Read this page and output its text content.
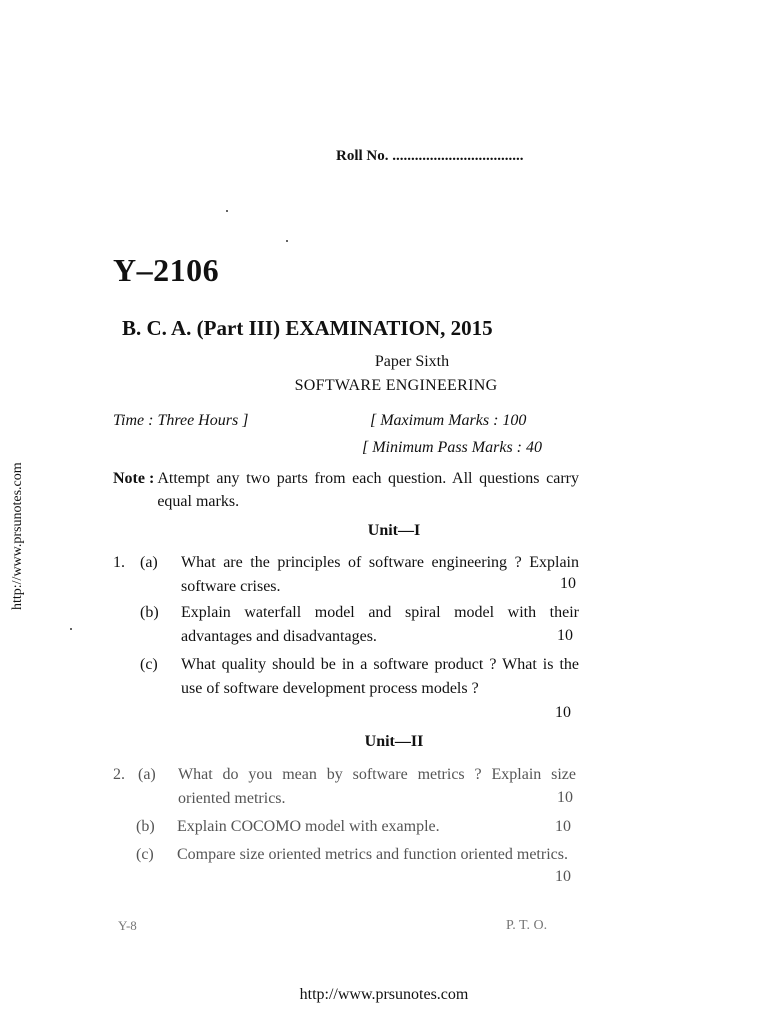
http://www.prsunotes.com
Roll No. ...................................
Y–2106
B. C. A. (Part III) EXAMINATION, 2015
Paper Sixth
SOFTWARE ENGINEERING
Time : Three Hours ]	[ Maximum Marks : 100
[ Minimum Pass Marks : 40
Note : Attempt any two parts from each question. All questions carry equal marks.
Unit—I
1. (a) What are the principles of software engineering ? Explain software crises.	10
(b) Explain waterfall model and spiral model with their advantages and disadvantages.	10
(c) What quality should be in a software product ? What is the use of software development process models ?
10
Unit—II
2. (a) What do you mean by software metrics ? Explain size oriented metrics.	10
(b) Explain COCOMO model with example.	10
(c) Compare size oriented metrics and function oriented metrics.
10
Y-8	P. T. O.
http://www.prsunotes.com
